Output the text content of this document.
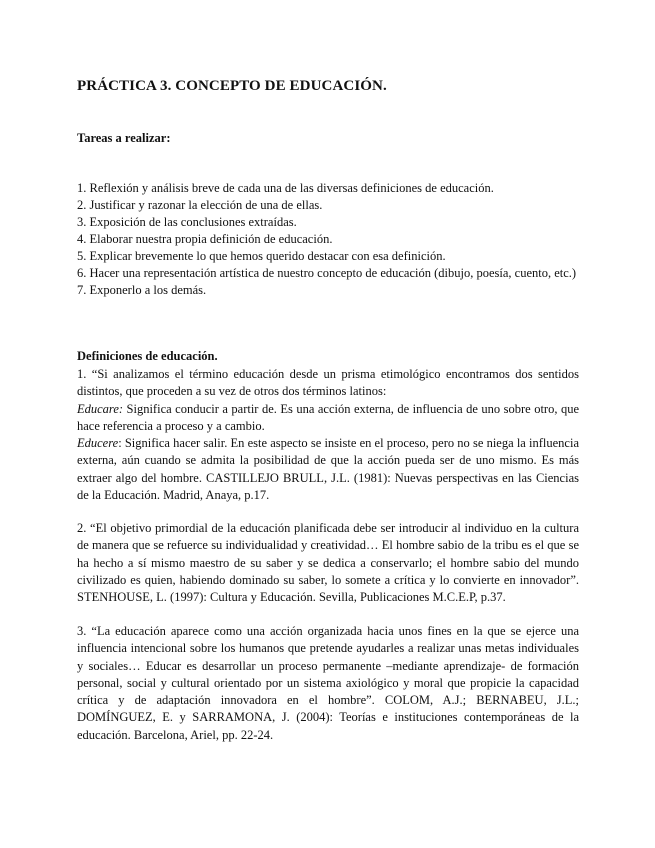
PRÁCTICA 3. CONCEPTO DE EDUCACIÓN.
Tareas a realizar:
1. Reflexión y análisis breve de cada una de las diversas definiciones de educación.
2. Justificar y razonar la elección de una de ellas.
3. Exposición de las conclusiones extraídas.
4. Elaborar nuestra propia definición de educación.
5. Explicar brevemente lo que hemos querido destacar con esa definición.
6. Hacer una representación artística de nuestro concepto de educación (dibujo, poesía, cuento, etc.)
7. Exponerlo a los demás.
Definiciones de educación.

1. “Si analizamos el término educación desde un prisma etimológico encontramos dos sentidos distintos, que proceden a su vez de otros dos términos latinos:

Educare: Significa conducir a partir de. Es una acción externa, de influencia de uno sobre otro, que hace referencia a proceso y a cambio.

Educere: Significa hacer salir. En este aspecto se insiste en el proceso, pero no se niega la influencia externa, aún cuando se admita la posibilidad de que la acción pueda ser de uno mismo. Es más extraer algo del hombre. CASTILLEJO BRULL, J.L. (1981): Nuevas perspectivas en las Ciencias de la Educación. Madrid, Anaya, p.17.

2. “El objetivo primordial de la educación planificada debe ser introducir al individuo en la cultura de manera que se refuerce su individualidad y creatividad… El hombre sabio de la tribu es el que se ha hecho a sí mismo maestro de su saber y se dedica a conservarlo; el hombre sabio del mundo civilizado es quien, habiendo dominado su saber, lo somete a crítica y lo convierte en innovador”. STENHOUSE, L. (1997): Cultura y Educación. Sevilla, Publicaciones M.C.E.P, p.37.

3. “La educación aparece como una acción organizada hacia unos fines en la que se ejerce una influencia intencional sobre los humanos que pretende ayudarles a realizar unas metas individuales y sociales… Educar es desarrollar un proceso permanente –mediante aprendizaje- de formación personal, social y cultural orientado por un sistema axiológico y moral que propicie la capacidad crítica y de adaptación innovadora en el hombre”. COLOM, A.J.; BERNABEU, J.L.; DOMÍNGUEZ, E. y SARRAMONA, J. (2004): Teorías e instituciones contemporáneas de la educación. Barcelona, Ariel, pp. 22-24.
